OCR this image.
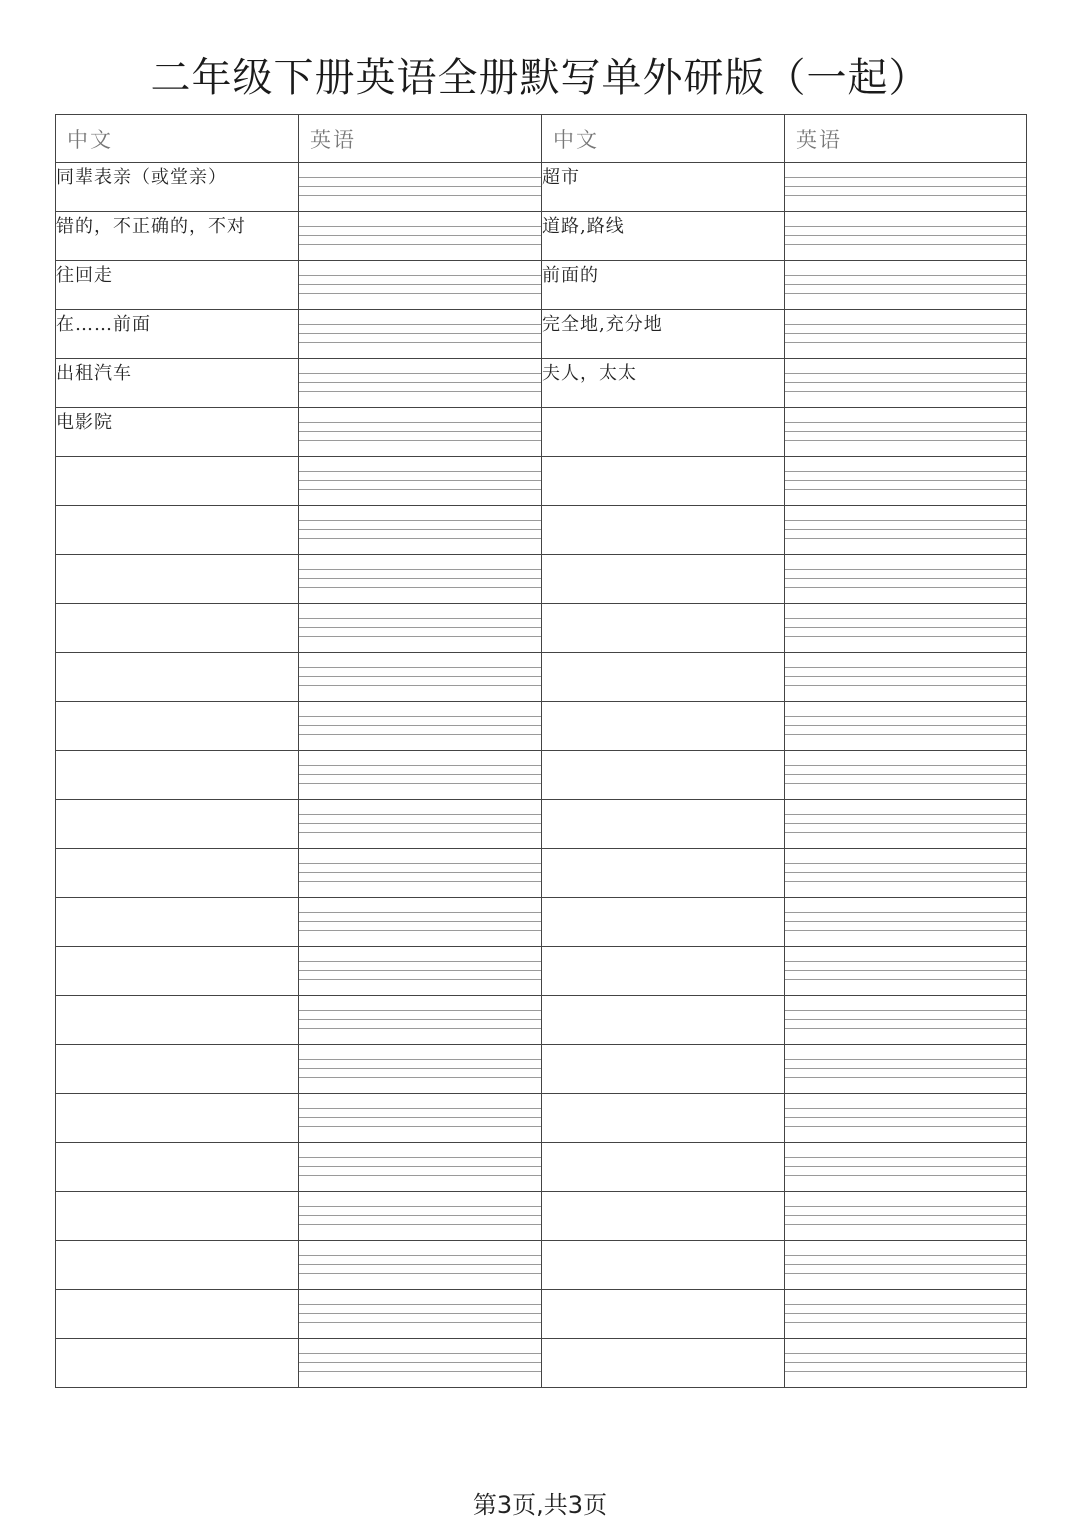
二年级下册英语全册默写单外研版（一起）
中文	英语	中文	英语
同辈表亲（或堂亲）		超市	
错的，不正确的，不对		道路,路线	
往回走		前面的	
在……前面		完全地,充分地	
出租汽车		夫人，太太	
电影院			

第3页,共3页
